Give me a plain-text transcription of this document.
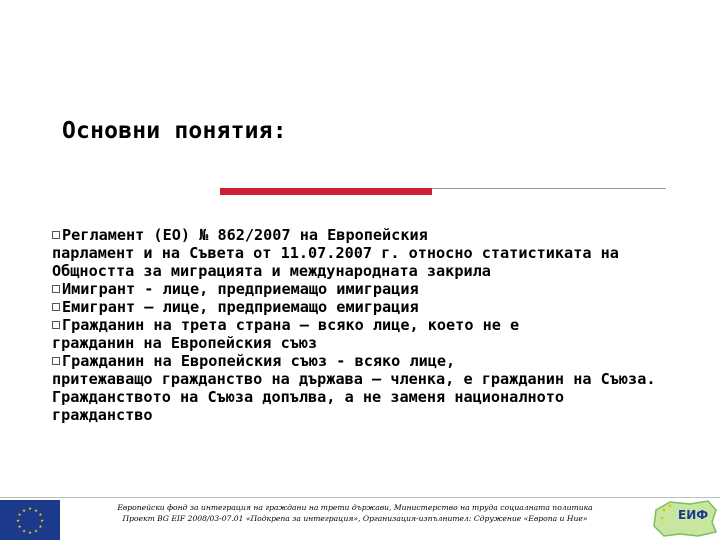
Основни понятия:

Регламент (ЕО) № 862/2007 на Европейския
парламент и на Съвета от 11.07.2007 г. относно статистиката на Общността за миграцията и международната закрила

Имигрант - лице, предприемащо имиграция

Емигрант – лице, предприемащо емиграция

Гражданин на трета страна – всяко лице, което не е
гражданин на Европейския съюз

Гражданин на Европейския съюз - всяко лице,
притежаващо гражданство на държава – членка, е гражданин на Съюза. Гражданството на Съюза допълва, а не заменя националното гражданство

★
★
★
★
★
★
★
★
★ ★ ★
★
Европейски фонд за интеграция на граждани на трети държави, Министерство на труда социалната политика
Проект BG EIF 2008/03-07.01 «Подкрепа за интеграция», Организация-изпълнител: Сдружение «Европа и Ние»	ЕИФ
